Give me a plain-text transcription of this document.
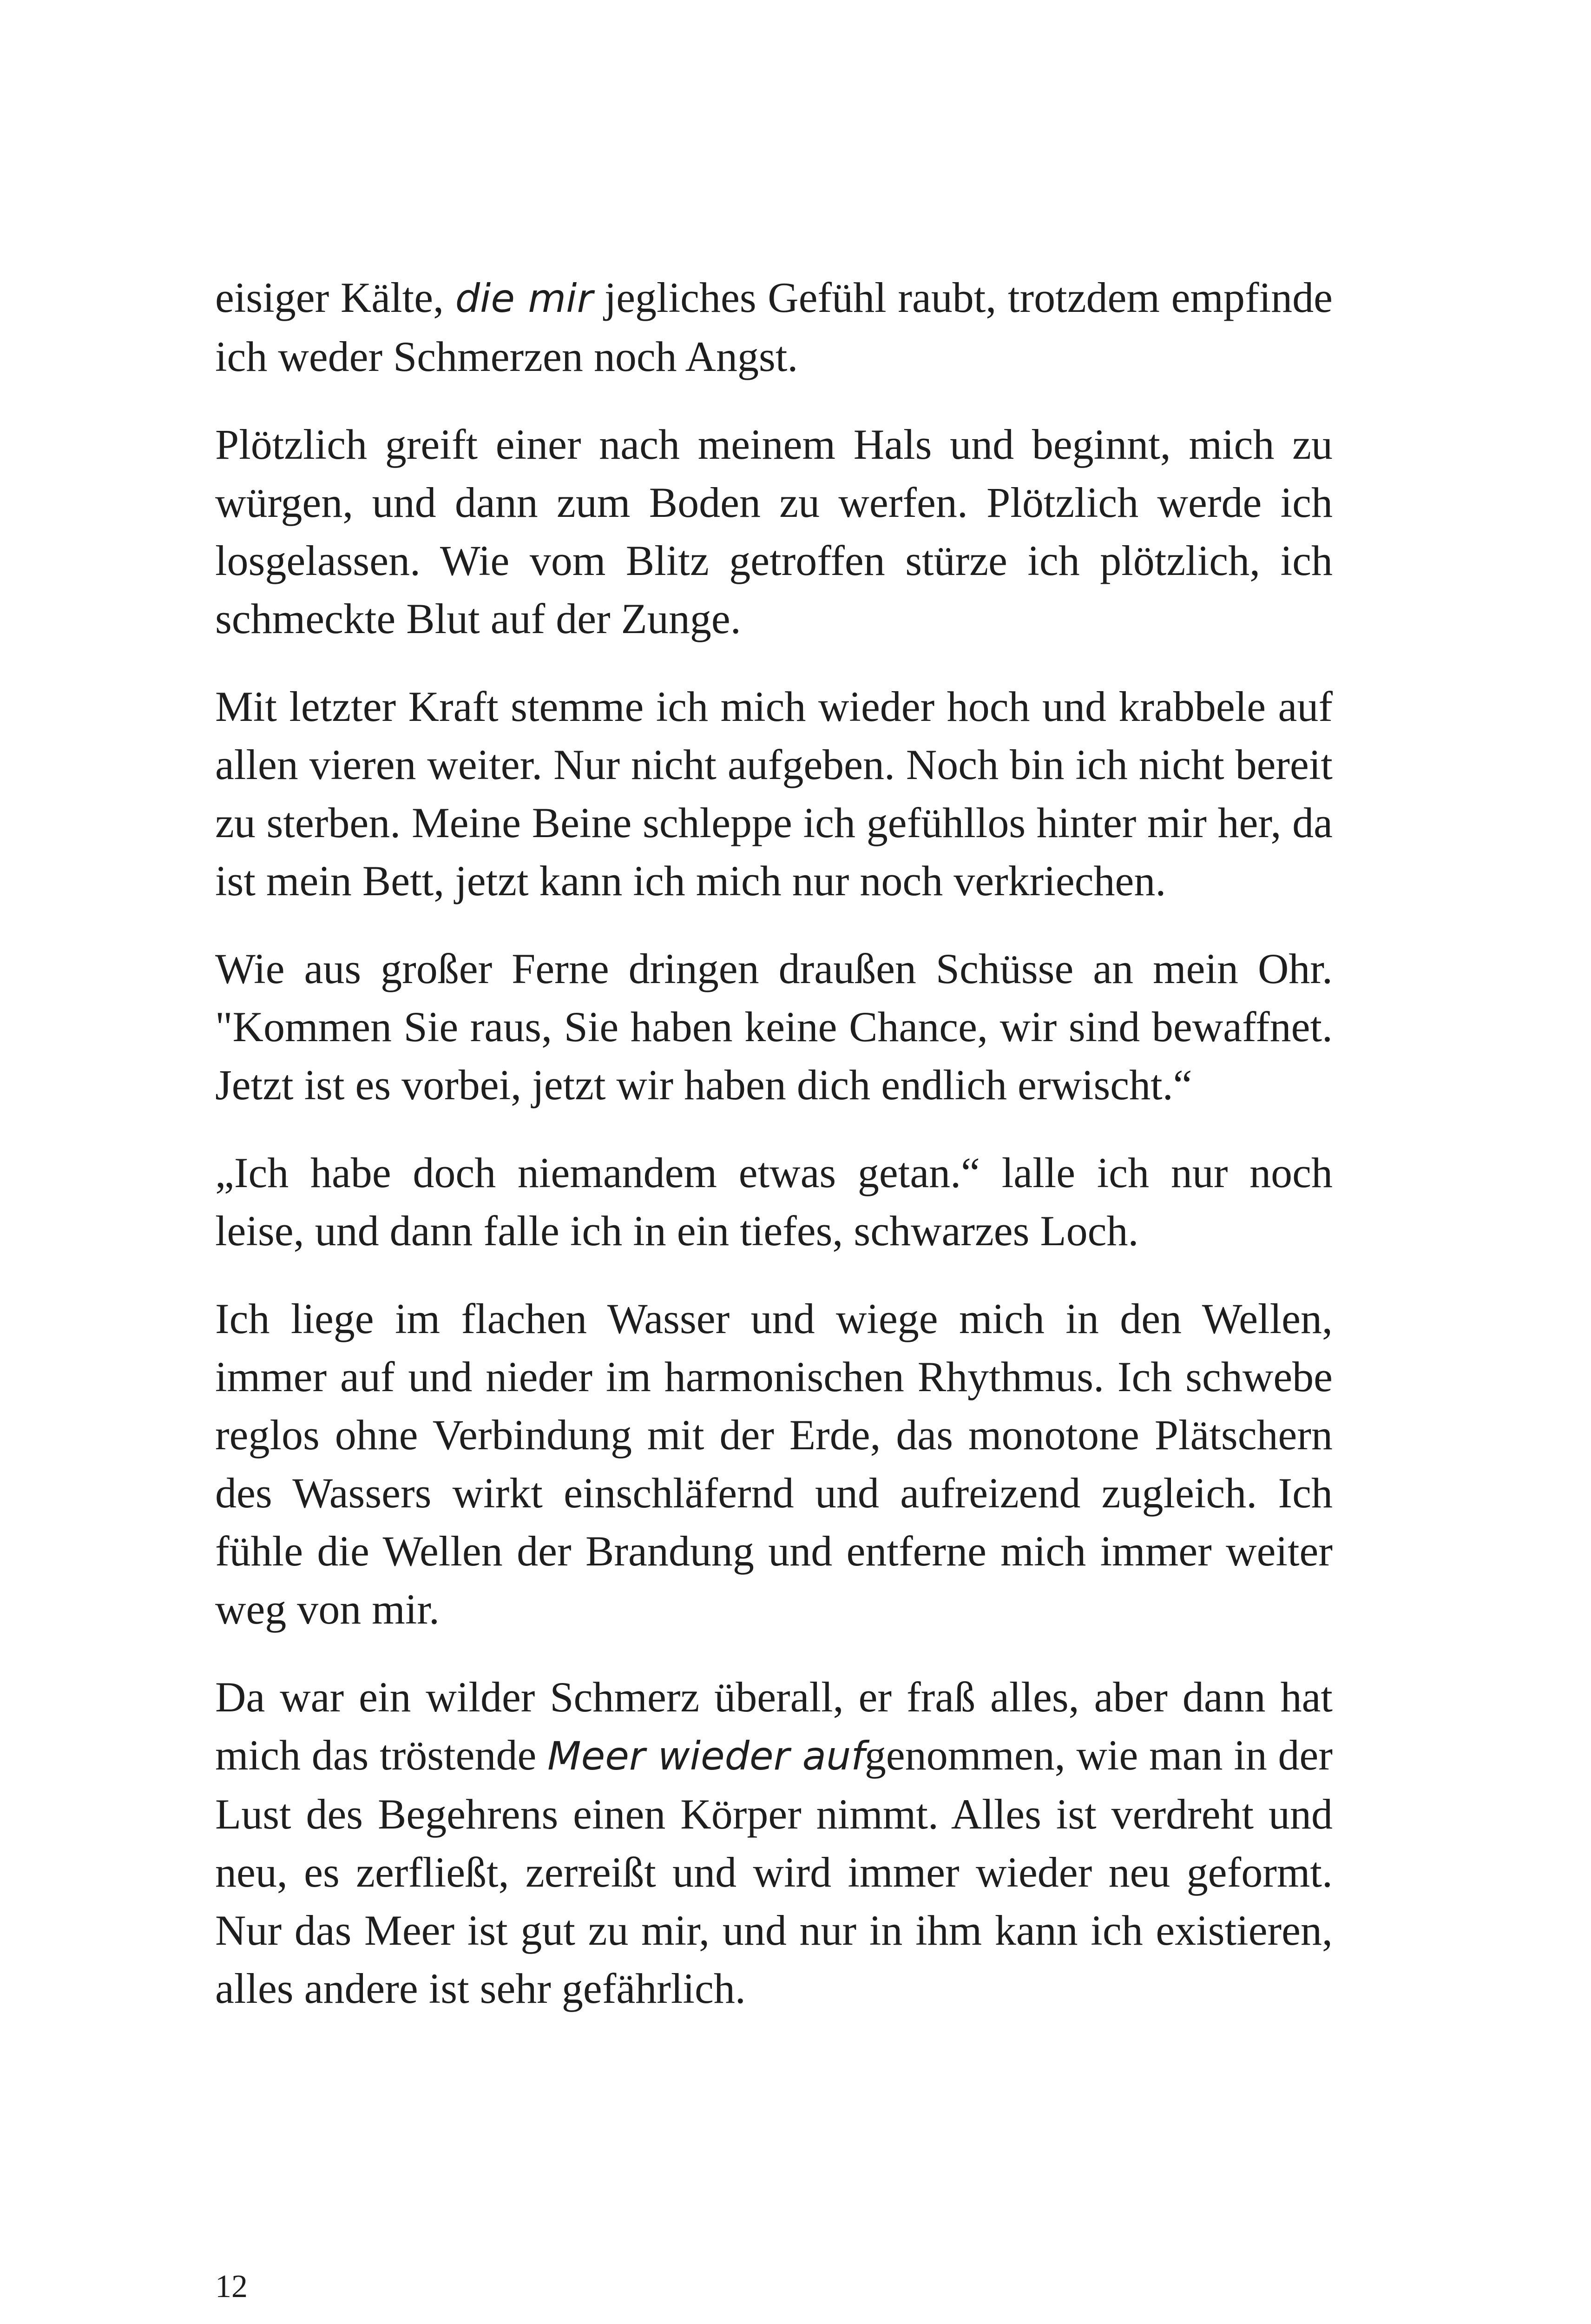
eisiger Kälte, die mir jegliches Gefühl raubt, trotzdem empfinde ich weder Schmerzen noch Angst.

Plötzlich greift einer nach meinem Hals und beginnt, mich zu würgen, und dann zum Boden zu werfen. Plötzlich werde ich losgelassen. Wie vom Blitz getroffen stürze ich plötzlich, ich schmeckte Blut auf der Zunge.

Mit letzter Kraft stemme ich mich wieder hoch und krabbele auf allen vieren weiter. Nur nicht aufgeben. Noch bin ich nicht bereit zu sterben. Meine Beine schleppe ich gefühllos hinter mir her, da ist mein Bett, jetzt kann ich mich nur noch verkriechen.

Wie aus großer Ferne dringen draußen Schüsse an mein Ohr. "Kommen Sie raus, Sie haben keine Chance, wir sind bewaffnet. Jetzt ist es vorbei, jetzt wir haben dich endlich erwischt.“

„Ich habe doch niemandem etwas getan.“ lalle ich nur noch leise, und dann falle ich in ein tiefes, schwarzes Loch.

Ich liege im flachen Wasser und wiege mich in den Wellen, immer auf und nieder im harmonischen Rhythmus. Ich schwebe reglos ohne Verbindung mit der Erde, das monotone Plätschern des Wassers wirkt einschläfernd und aufreizend zugleich. Ich fühle die Wellen der Brandung und entferne mich immer weiter weg von mir.

Da war ein wilder Schmerz überall, er fraß alles, aber dann hat mich das tröstende Meer wieder aufgenommen, wie man in der Lust des Begehrens einen Körper nimmt. Alles ist verdreht und neu, es zerfließt, zerreißt und wird immer wieder neu geformt. Nur das Meer ist gut zu mir, und nur in ihm kann ich existieren, alles andere ist sehr gefährlich.

12
